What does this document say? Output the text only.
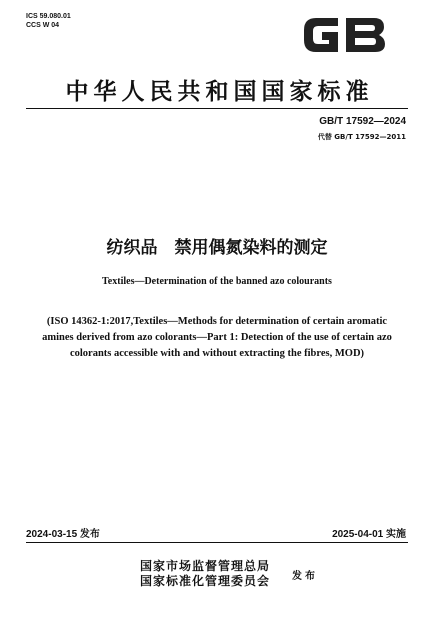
ICS 59.080.01
CCS W 04
中华人民共和国国家标准
GB/T 17592—2024
代替 GB/T 17592—2011
纺织品　禁用偶氮染料的测定
Textiles—Determination of the banned azo colourants
(ISO 14362-1:2017,Textiles—Methods for determination of certain aromatic
amines derived from azo colorants—Part 1: Detection of the use of certain azo
colorants accessible with and without extracting the fibres, MOD)
2024-03-15 发布	2025-04-01 实施
国家市场监督管理总局
国家标准化管理委员会 发布
